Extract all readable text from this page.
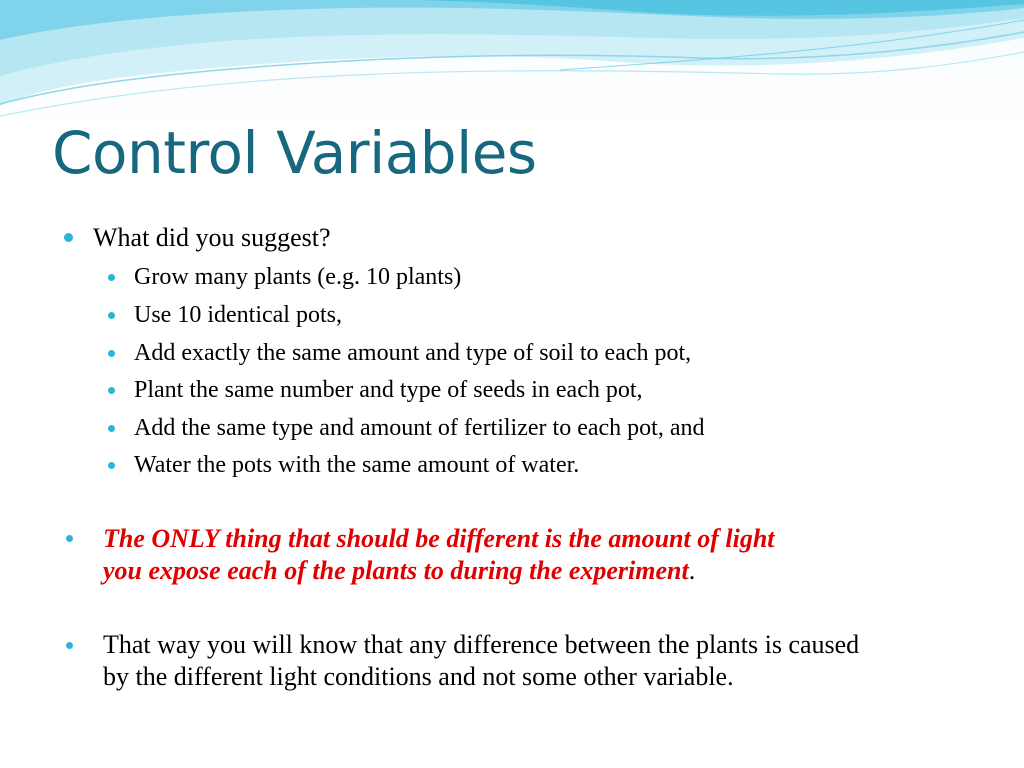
Control Variables

What did you suggest?

Grow many plants (e.g. 10 plants)

Use 10 identical pots,

Add exactly the same amount and type of soil to each pot,

Plant the same number and type of seeds in each pot,

Add the same type and amount of fertilizer to each pot, and

Water the pots with the same amount of water.

The ONLY thing that should be different is the amount of light
you expose each of the plants to during the experiment.
That way you will know that any difference between the plants is caused
by the different light conditions and not some other variable.
